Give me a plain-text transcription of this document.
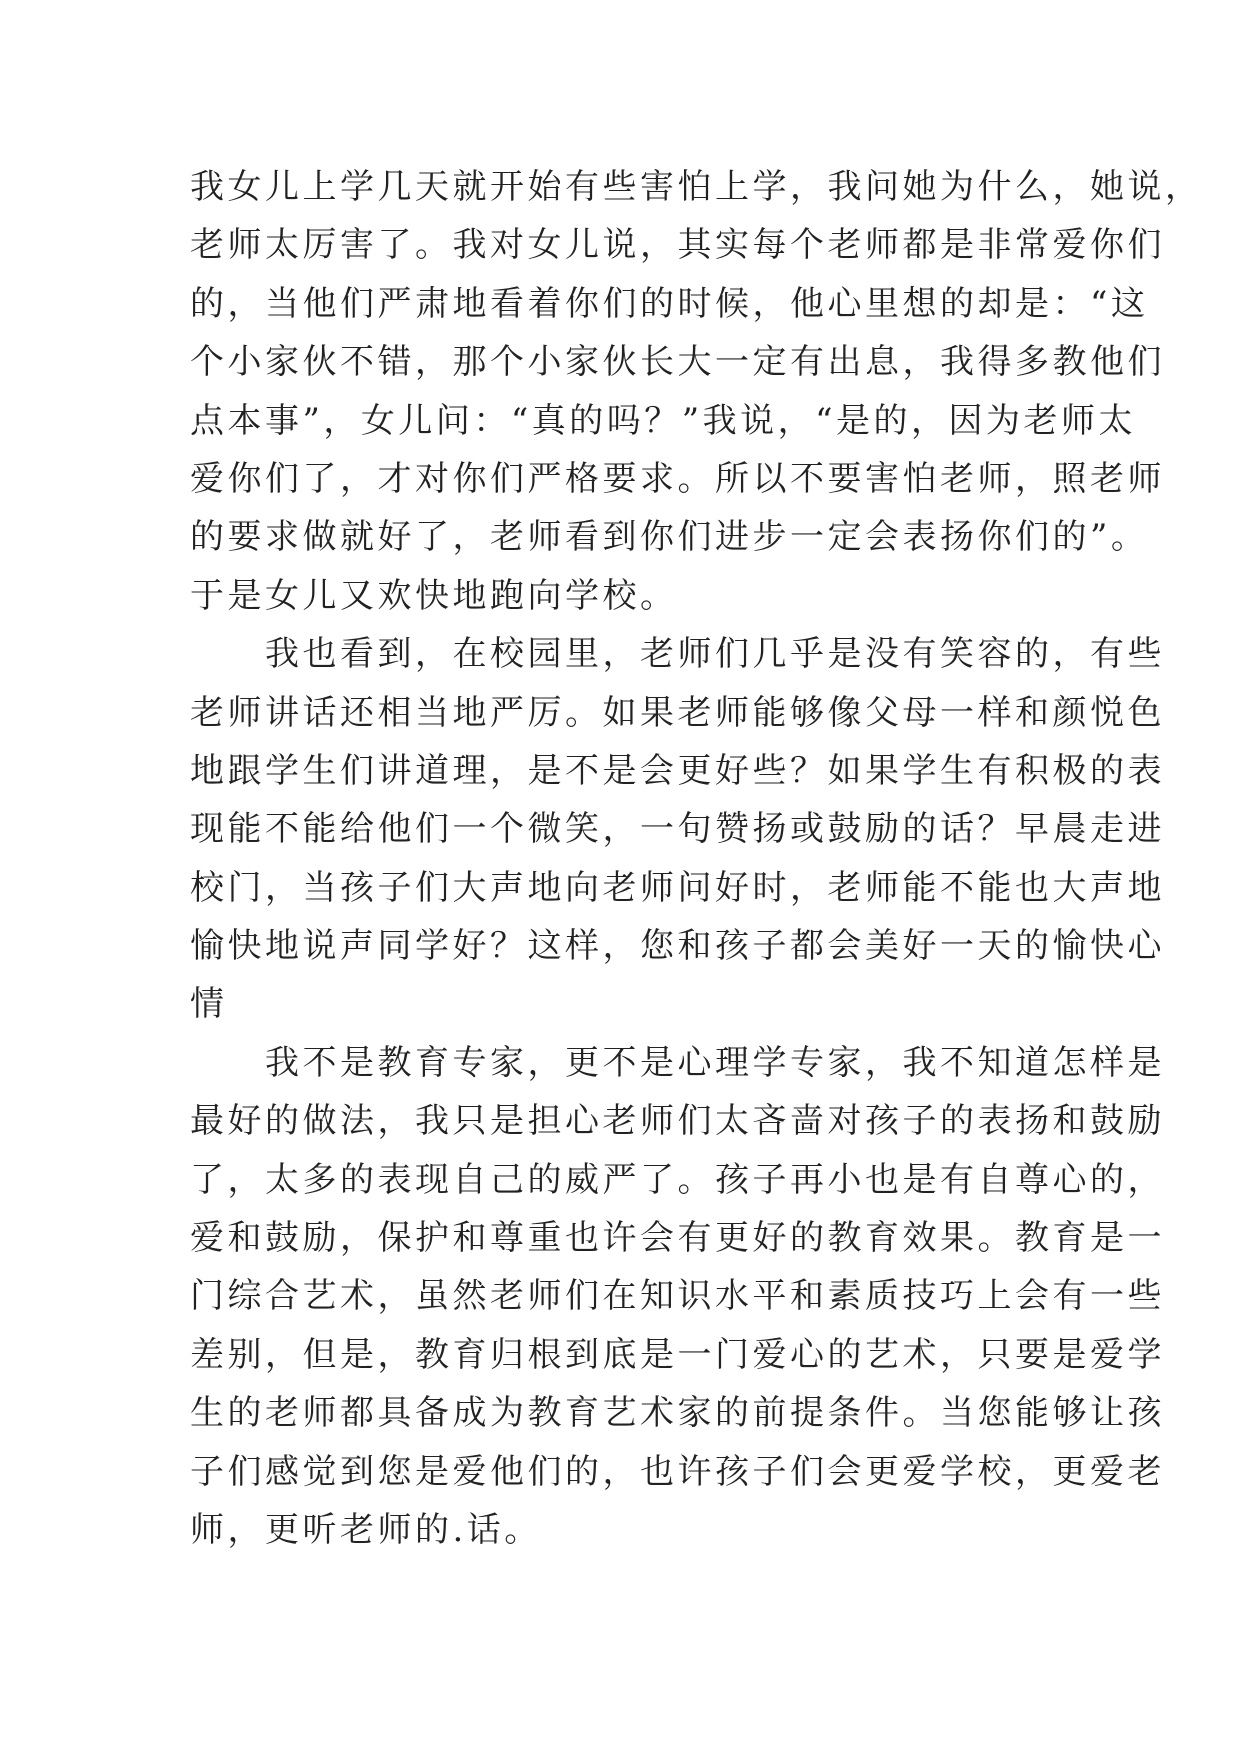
我女儿上学几天就开始有些害怕上学，我问她为什么，她说，
老师太厉害了。我对女儿说，其实每个老师都是非常爱你们
的，当他们严肃地看着你们的时候，他心里想的却是：“这
个小家伙不错，那个小家伙长大一定有出息，我得多教他们
点本事”，女儿问：“真的吗？”我说，“是的，因为老师太
爱你们了，才对你们严格要求。所以不要害怕老师，照老师
的要求做就好了，老师看到你们进步一定会表扬你们的”。
于是女儿又欢快地跑向学校。
　　我也看到，在校园里，老师们几乎是没有笑容的，有些
老师讲话还相当地严厉。如果老师能够像父母一样和颜悦色
地跟学生们讲道理，是不是会更好些？如果学生有积极的表
现能不能给他们一个微笑，一句赞扬或鼓励的话？早晨走进
校门，当孩子们大声地向老师问好时，老师能不能也大声地
愉快地说声同学好？这样，您和孩子都会美好一天的愉快心
情
　　我不是教育专家，更不是心理学专家，我不知道怎样是
最好的做法，我只是担心老师们太吝啬对孩子的表扬和鼓励
了，太多的表现自己的威严了。孩子再小也是有自尊心的，
爱和鼓励，保护和尊重也许会有更好的教育效果。教育是一
门综合艺术，虽然老师们在知识水平和素质技巧上会有一些
差别，但是，教育归根到底是一门爱心的艺术，只要是爱学
生的老师都具备成为教育艺术家的前提条件。当您能够让孩
子们感觉到您是爱他们的，也许孩子们会更爱学校，更爱老
师，更听老师的.话。
